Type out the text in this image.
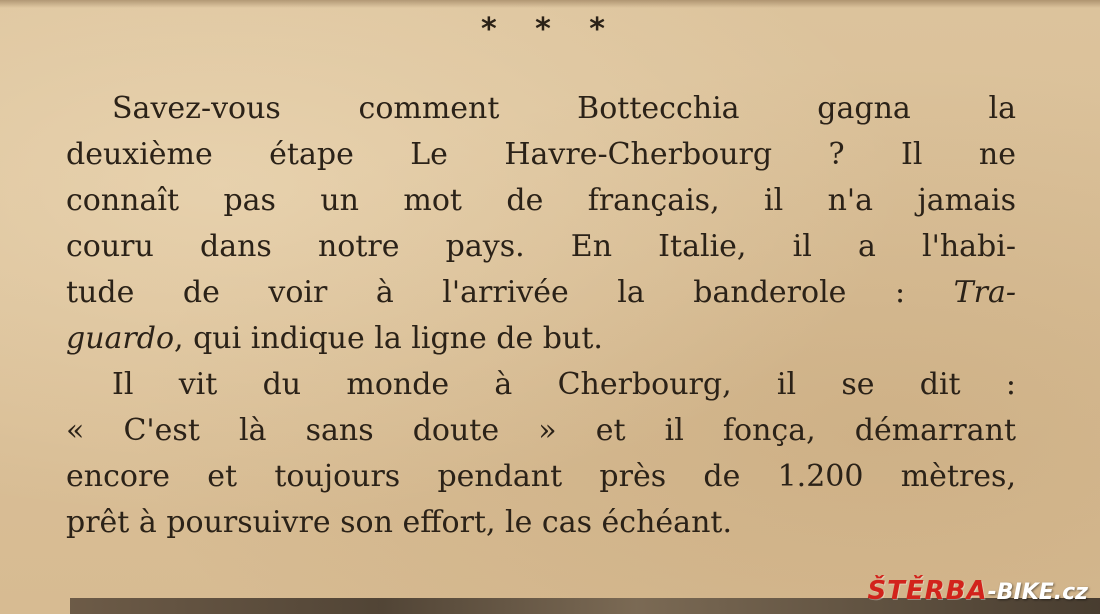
* * *

Savez-vous comment Bottecchia gagna la
deuxième étape Le Havre-Cherbourg ? Il ne
connaît pas un mot de français, il n'a jamais
couru dans notre pays. En Italie, il a l'habi-
tude de voir à l'arrivée la banderole : Tra-
guardo, qui indique la ligne de but.

Il vit du monde à Cherbourg, il se dit :
« C'est là sans doute » et il fonça, démarrant
encore et toujours pendant près de 1.200 mètres,
prêt à poursuivre son effort, le cas échéant.

ŠTĚRBA -BIKE.cz
